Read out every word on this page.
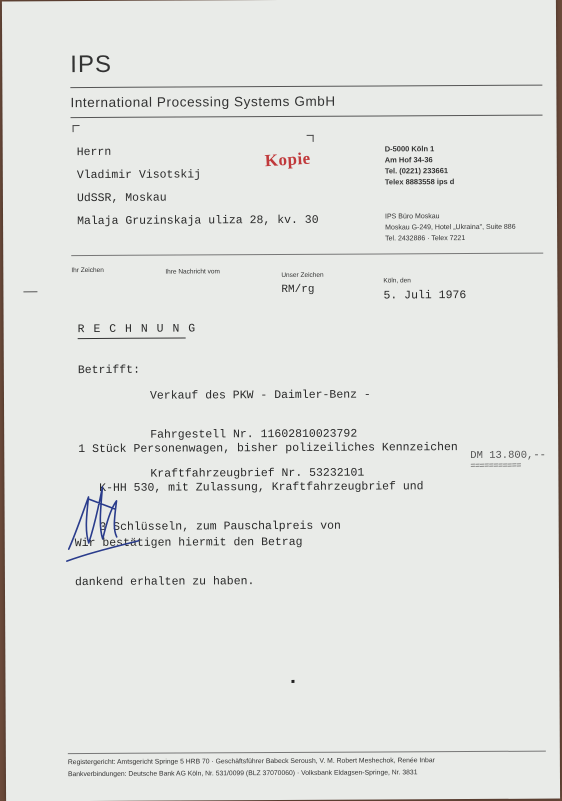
IPS
International Processing Systems GmbH
Herrn
Vladimir Visotskij
UdSSR, Moskau
Malaja Gruzinskaja uliza 28, kv. 30
Kopie	D-5000 Köln 1
Am Hof 34-36
Tel. (0221) 233661
Telex 8883558 ips d
IPS Büro Moskau
Moskau G-249, Hotel „Ukraina", Suite 886
Tel. 2432886 · Telex 7221
Ihr Zeichen	Ihre Nachricht vom	Unser Zeichen
Köln, den
RM/rg	5. Juli 1976
R E C H N U N G
Betrifft:

Verkauf des PKW - Daimler-Benz -

Fahrgestell Nr. 11602810023792

Kraftfahrzeugbrief Nr. 53232101

1 Stück Personenwagen, bisher polizeiliches Kennzeichen

K-HH 530, mit Zulassung, Kraftfahrzeugbrief und

3 Schlüsseln, zum Pauschalpreis von

DM 13.800,--
===========

Wir bestätigen hiermit den Betrag

dankend erhalten zu haben.

Registergericht: Amtsgericht Springe 5 HRB 70 · Geschäftsführer Babeck Seroush, V. M. Robert Meshechok, Renée Inbar
Bankverbindungen: Deutsche Bank AG Köln, Nr. 531/0099 (BLZ 37070060) · Volksbank Eldagsen-Springe, Nr. 3831
